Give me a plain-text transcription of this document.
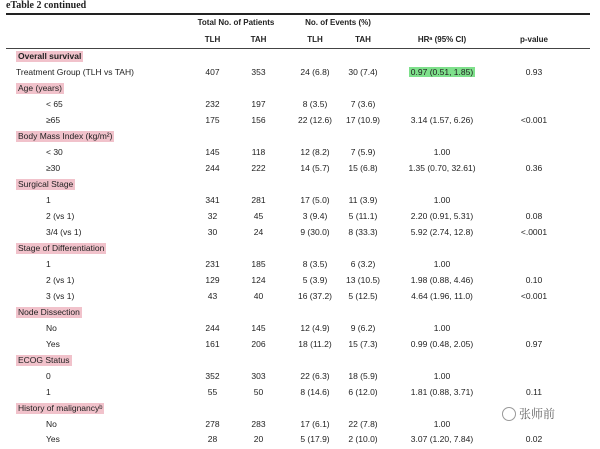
eTable 2 continued
Total No. of Patients	No. of Events (%)
TLH	TAH	TLH	TAH	HRᵃ (95% CI)	p-value
Overall survival
Treatment Group (TLH vs TAH)	407	353	24 (6.8)	30 (7.4)	0.97 (0.51, 1.85)	0.93
Age (years)
< 65	232	197	8 (3.5)	7 (3.6)
≥65	175	156	22 (12.6)	17 (10.9)	3.14 (1.57, 6.26)	<0.001
Body Mass Index (kg/m²)
< 30	145	118	12 (8.2)	7 (5.9)	1.00
≥30	244	222	14 (5.7)	15 (6.8)	1.35 (0.70, 32.61)	0.36
Surgical Stage
1	341	281	17 (5.0)	11 (3.9)	1.00
2 (vs 1)	32	45	3 (9.4)	5 (11.1)	2.20 (0.91, 5.31)	0.08
3/4 (vs 1)	30	24	9 (30.0)	8 (33.3)	5.92 (2.74, 12.8)	<.0001
Stage of Differentiation
1	231	185	8 (3.5)	6 (3.2)	1.00
2 (vs 1)	129	124	5 (3.9)	13 (10.5)	1.98 (0.88, 4.46)	0.10
3 (vs 1)	43	40	16 (37.2)	5 (12.5)	4.64 (1.96, 11.0)	<0.001
Node Dissection
No	244	145	12 (4.9)	9 (6.2)	1.00
Yes	161	206	18 (11.2)	15 (7.3)	0.99 (0.48, 2.05)	0.97
ECOG Status
0	352	303	22 (6.3)	18 (5.9)	1.00
1	55	50	8 (14.6)	6 (12.0)	1.81 (0.88, 3.71)	0.11
History of malignancyᵇ
No	278	283	17 (6.1)	22 (7.8)	1.00
Yes	28	20	5 (17.9)	2 (10.0)	3.07 (1.20, 7.84)	0.02
张师前
